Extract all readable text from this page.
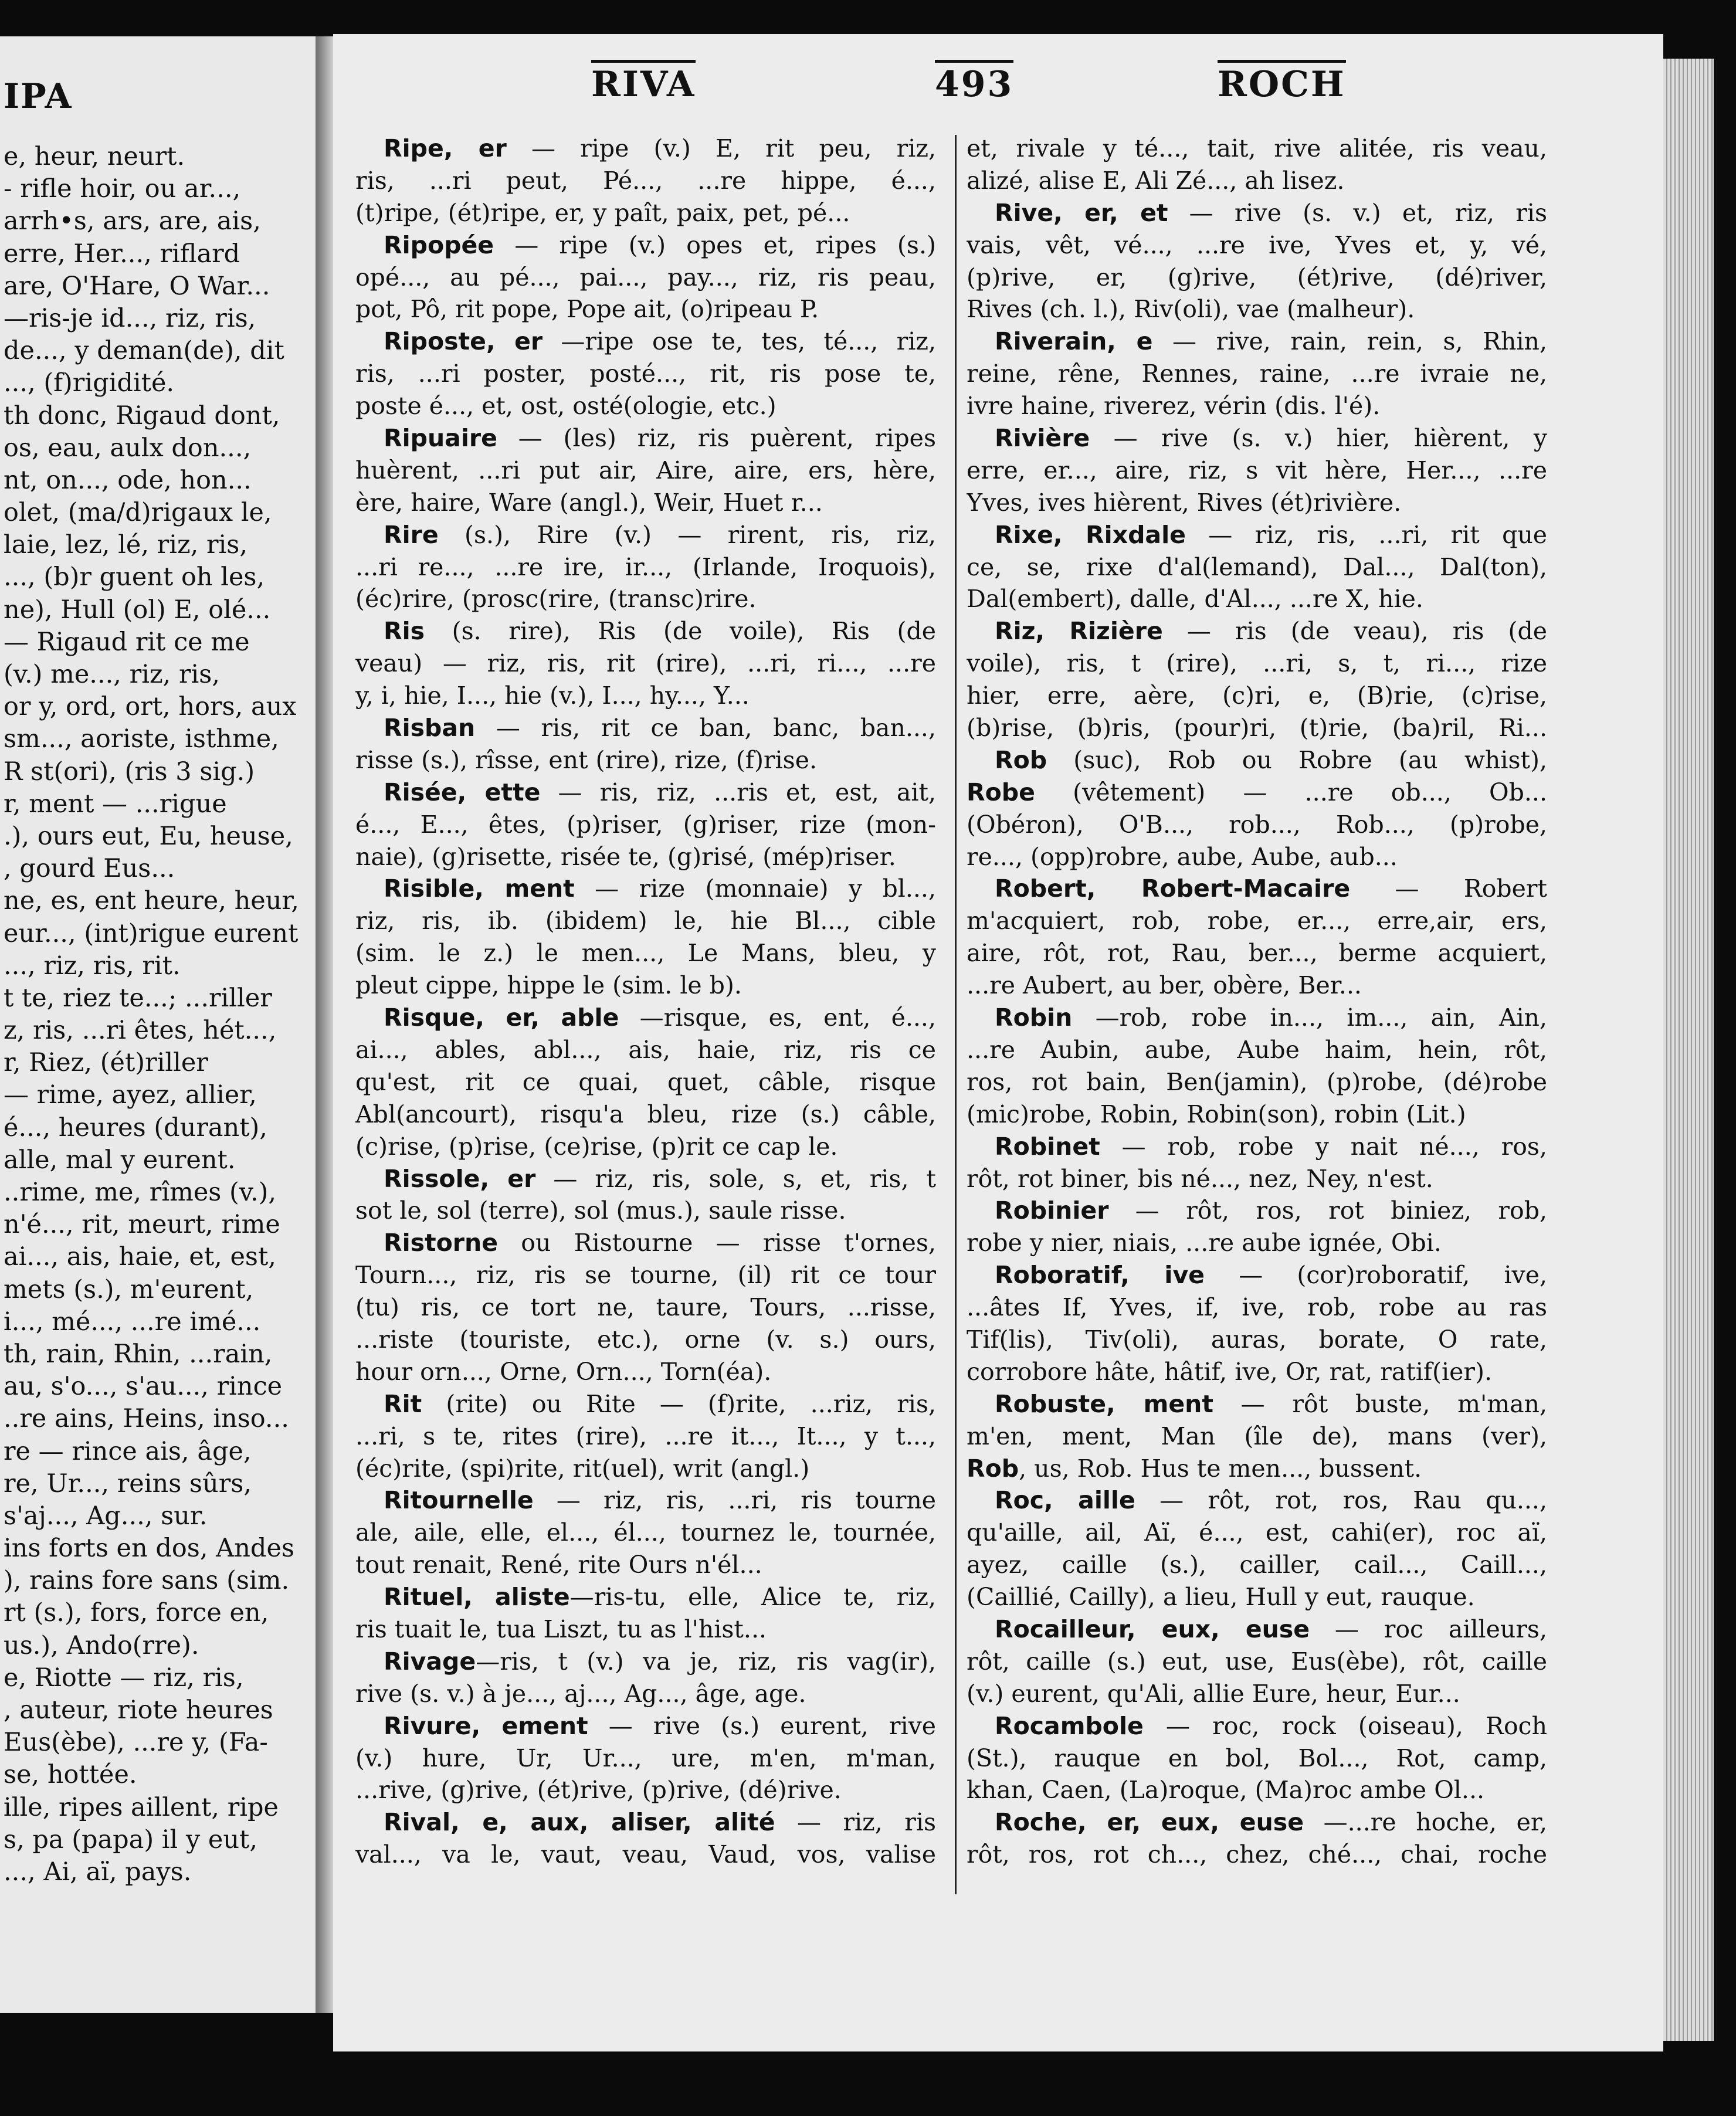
IPA
e, heur, neurt.
- rifle hoir, ou ar...,
arrh•s, ars, are, ais,
erre, Her..., riflard
are, O'Hare, O War...
—ris-je id..., riz, ris,
de..., y deman(de), dit
..., (f)rigidité.
th donc, Rigaud dont,
os, eau, aulx don...,
nt, on..., ode, hon...
olet, (ma/d)rigaux le,
laie, lez, lé, riz, ris,
..., (b)r guent oh les,
ne), Hull (ol) E, olé...
— Rigaud rit ce me
(v.) me..., riz, ris,
or y, ord, ort, hors, aux
sm..., aoriste, isthme,
R st(ori), (ris 3 sig.)
r, ment — ...rigue
.), ours eut, Eu, heuse,
, gourd Eus...
ne, es, ent heure, heur,
eur..., (int)rigue eurent
..., riz, ris, rit.
t te, riez te...; ...riller
z, ris, ...ri êtes, hét...,
r, Riez, (ét)riller
— rime, ayez, allier,
é..., heures (durant),
alle, mal y eurent.
..rime, me, rîmes (v.),
n'é..., rit, meurt, rime
ai..., ais, haie, et, est,
mets (s.), m'eurent,
i..., mé..., ...re imé...
th, rain, Rhin, ...rain,
au, s'o..., s'au..., rince
..re ains, Heins, inso...
re — rince ais, âge,
re, Ur..., reins sûrs,
s'aj..., Ag..., sur.
ins forts en dos, Andes
), rains fore sans (sim.
rt (s.), fors, force en,
us.), Ando(rre).
e, Riotte — riz, ris,
, auteur, riote heures
Eus(èbe), ...re y, (Fa-
se, hottée.
ille, ripes aillent, ripe
s, pa (papa) il y eut,
..., Ai, aï, pays.
RIVA	493	ROCH
Ripe, er — ripe (v.) E, rit peu, riz,
ris, ...ri peut, Pé..., ...re hippe, é...,
(t)ripe, (ét)ripe, er, y paît, paix, pet, pé...
Ripopée — ripe (v.) opes et, ripes (s.)
opé..., au pé..., pai..., pay..., riz, ris peau,
pot, Pô, rit pope, Pope ait, (o)ripeau P.
Riposte, er —ripe ose te, tes, té..., riz,
ris, ...ri poster, posté..., rit, ris pose te,
poste é..., et, ost, osté(ologie, etc.)
Ripuaire — (les) riz, ris puèrent, ripes
huèrent, ...ri put air, Aire, aire, ers, hère,
ère, haire, Ware (angl.), Weir, Huet r...
Rire (s.), Rire (v.) — rirent, ris, riz,
...ri re..., ...re ire, ir..., (Irlande, Iroquois),
(éc)rire, (prosc(rire, (transc)rire.
Ris (s. rire), Ris (de voile), Ris (de
veau) — riz, ris, rit (rire), ...ri, ri..., ...re
y, i, hie, I..., hie (v.), I..., hy..., Y...
Risban — ris, rit ce ban, banc, ban...,
risse (s.), rîsse, ent (rire), rize, (f)rise.
Risée, ette — ris, riz, ...ris et, est, ait,
é..., E..., êtes, (p)riser, (g)riser, rize (mon-
naie), (g)risette, risée te, (g)risé, (mép)riser.
Risible, ment — rize (monnaie) y bl...,
riz, ris, ib. (ibidem) le, hie Bl..., cible
(sim. le z.) le men..., Le Mans, bleu, y
pleut cippe, hippe le (sim. le b).
Risque, er, able —risque, es, ent, é...,
ai..., ables, abl..., ais, haie, riz, ris ce
qu'est, rit ce quai, quet, câble, risque
Abl(ancourt), risqu'a bleu, rize (s.) câble,
(c)rise, (p)rise, (ce)rise, (p)rit ce cap le.
Rissole, er — riz, ris, sole, s, et, ris, t
sot le, sol (terre), sol (mus.), saule risse.
Ristorne ou Ristourne — risse t'ornes,
Tourn..., riz, ris se tourne, (il) rit ce tour
(tu) ris, ce tort ne, taure, Tours, ...risse,
...riste (touriste, etc.), orne (v. s.) ours,
hour orn..., Orne, Orn..., Torn(éa).
Rit (rite) ou Rite — (f)rite, ...riz, ris,
...ri, s te, rites (rire), ...re it..., It..., y t...,
(éc)rite, (spi)rite, rit(uel), writ (angl.)
Ritournelle — riz, ris, ...ri, ris tourne
ale, aile, elle, el..., él..., tournez le, tournée,
tout renait, René, rite Ours n'él...
Rituel, aliste—ris-tu, elle, Alice te, riz,
ris tuait le, tua Liszt, tu as l'hist...
Rivage—ris, t (v.) va je, riz, ris vag(ir),
rive (s. v.) à je..., aj..., Ag..., âge, age.
Rivure, ement — rive (s.) eurent, rive
(v.) hure, Ur, Ur..., ure, m'en, m'man,
...rive, (g)rive, (ét)rive, (p)rive, (dé)rive.
Rival, e, aux, aliser, alité — riz, ris
val..., va le, vaut, veau, Vaud, vos, valise
et, rivale y té..., tait, rive alitée, ris veau,
alizé, alise E, Ali Zé..., ah lisez.
Rive, er, et — rive (s. v.) et, riz, ris
vais, vêt, vé..., ...re ive, Yves et, y, vé,
(p)rive, er, (g)rive, (ét)rive, (dé)river,
Rives (ch. l.), Riv(oli), vae (malheur).
Riverain, e — rive, rain, rein, s, Rhin,
reine, rêne, Rennes, raine, ...re ivraie ne,
ivre haine, riverez, vérin (dis. l'é).
Rivière — rive (s. v.) hier, hièrent, y
erre, er..., aire, riz, s vit hère, Her..., ...re
Yves, ives hièrent, Rives (ét)rivière.
Rixe, Rixdale — riz, ris, ...ri, rit que
ce, se, rixe d'al(lemand), Dal..., Dal(ton),
Dal(embert), dalle, d'Al..., ...re X, hie.
Riz, Rizière — ris (de veau), ris (de
voile), ris, t (rire), ...ri, s, t, ri..., rize
hier, erre, aère, (c)ri, e, (B)rie, (c)rise,
(b)rise, (b)ris, (pour)ri, (t)rie, (ba)ril, Ri...
Rob (suc), Rob ou Robre (au whist),
Robe (vêtement) — ...re ob..., Ob...
(Obéron), O'B..., rob..., Rob..., (p)robe,
re..., (opp)robre, aube, Aube, aub...
Robert, Robert-Macaire — Robert
m'acquiert, rob, robe, er..., erre,air, ers,
aire, rôt, rot, Rau, ber..., berme acquiert,
...re Aubert, au ber, obère, Ber...
Robin —rob, robe in..., im..., ain, Ain,
...re Aubin, aube, Aube haim, hein, rôt,
ros, rot bain, Ben(jamin), (p)robe, (dé)robe
(mic)robe, Robin, Robin(son), robin (Lit.)
Robinet — rob, robe y nait né..., ros,
rôt, rot biner, bis né..., nez, Ney, n'est.
Robinier — rôt, ros, rot biniez, rob,
robe y nier, niais, ...re aube ignée, Obi.
Roboratif, ive — (cor)roboratif, ive,
...âtes If, Yves, if, ive, rob, robe au ras
Tif(lis), Tiv(oli), auras, borate, O rate,
corrobore hâte, hâtif, ive, Or, rat, ratif(ier).
Robuste, ment — rôt buste, m'man,
m'en, ment, Man (île de), mans (ver),
Rob, us, Rob. Hus te men..., bussent.
Roc, aille — rôt, rot, ros, Rau qu...,
qu'aille, ail, Aï, é..., est, cahi(er), roc aï,
ayez, caille (s.), cailler, cail..., Caill...,
(Caillié, Cailly), a lieu, Hull y eut, rauque.
Rocailleur, eux, euse — roc ailleurs,
rôt, caille (s.) eut, use, Eus(èbe), rôt, caille
(v.) eurent, qu'Ali, allie Eure, heur, Eur...
Rocambole — roc, rock (oiseau), Roch
(St.), rauque en bol, Bol..., Rot, camp,
khan, Caen, (La)roque, (Ma)roc ambe Ol...
Roche, er, eux, euse —...re hoche, er,
rôt, ros, rot ch..., chez, ché..., chai, roche
